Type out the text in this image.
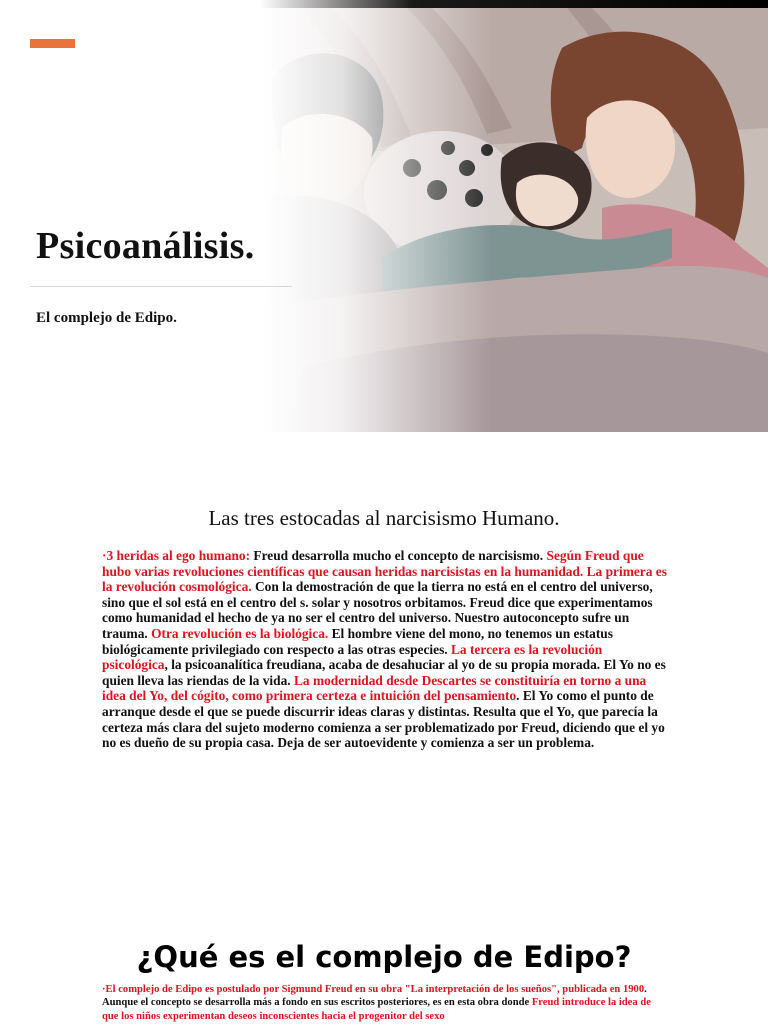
Psicoanálisis.

El complejo de Edipo.

Las tres estocadas al narcisismo Humano.

·3 heridas al ego humano: Freud desarrolla mucho el concepto de narcisismo. Según Freud que hubo varias revoluciones científicas que causan heridas narcisistas en la humanidad. La primera es la revolución cosmológica. Con la demostración de que la tierra no está en el centro del universo, sino que el sol está en el centro del s. solar y nosotros orbitamos. Freud dice que experimentamos como humanidad el hecho de ya no ser el centro del universo. Nuestro autoconcepto sufre un trauma. Otra revolución es la biológica. El hombre viene del mono, no tenemos un estatus biológicamente privilegiado con respecto a las otras especies. La tercera es la revolución psicológica, la psicoanalítica freudiana, acaba de desahuciar al yo de su propia morada. El Yo no es quien lleva las riendas de la vida. La modernidad desde Descartes se constituiría en torno a una idea del Yo, del cógito, como primera certeza e intuición del pensamiento. El Yo como el punto de arranque desde el que se puede discurrir ideas claras y distintas. Resulta que el Yo, que parecía la certeza más clara del sujeto moderno comienza a ser problematizado por Freud, diciendo que el yo no es dueño de su propia casa. Deja de ser autoevidente y comienza a ser un problema.

¿Qué es el complejo de Edipo?

·El complejo de Edipo es postulado por Sigmund Freud en su obra "La interpretación de los sueños", publicada en 1900. Aunque el concepto se desarrolla más a fondo en sus escritos posteriores, es en esta obra donde Freud introduce la idea de que los niños experimentan deseos inconscientes hacia el progenitor del sexo
